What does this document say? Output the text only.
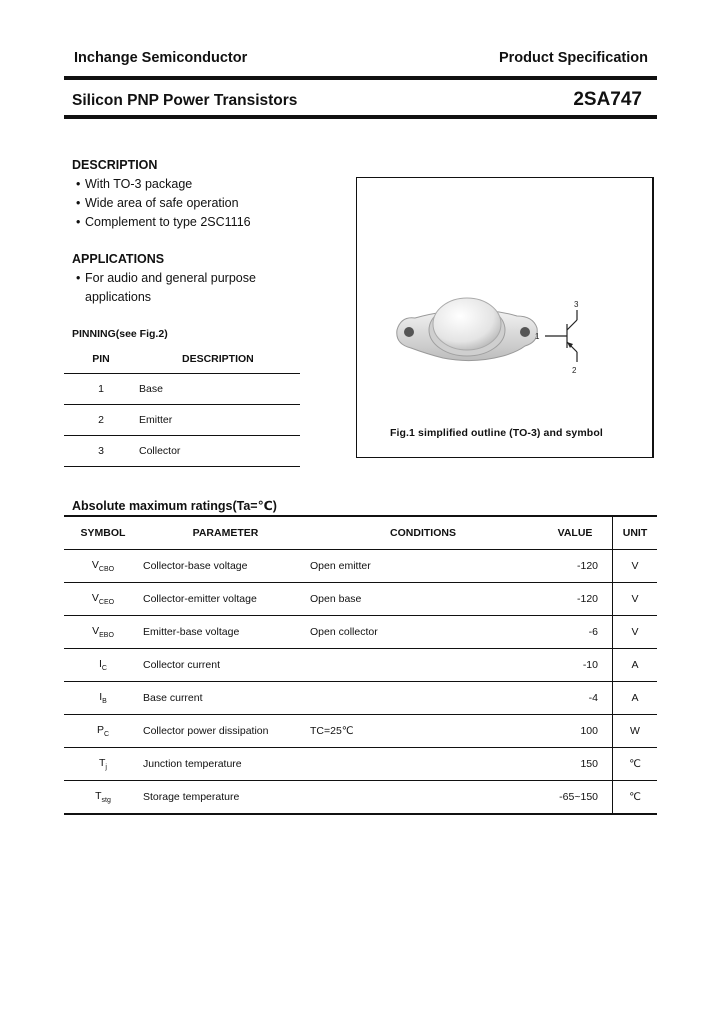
Inchange Semiconductor	Product Specification
Silicon PNP Power Transistors	2SA747
DESCRIPTION
• With TO-3 package
• Wide area of safe operation
• Complement to type 2SC1116
APPLICATIONS
• For audio and general purpose
applications
PINNING(see Fig.2)
PIN	DESCRIPTION
1	Base
2	Emitter
3	Collector
1
2
3
Fig.1 simplified outline (TO-3) and symbol
Absolute maximum ratings(Ta=℃)
SYMBOL	PARAMETER	CONDITIONS	VALUE	UNIT
$V_{CBO}$	Collector-base voltage	Open emitter	-120	V
$V_{CEO}$	Collector-emitter voltage	Open base	-120	V
$V_{EBO}$	Emitter-base voltage	Open collector	-6	V
$I_C$	Collector current		-10	A
$I_B$	Base current		-4	A
$P_C$	Collector power dissipation	TC=25℃	100	W
$T_j$	Junction temperature		150	℃
$T_{stg}$	Storage temperature		-65~150	℃
